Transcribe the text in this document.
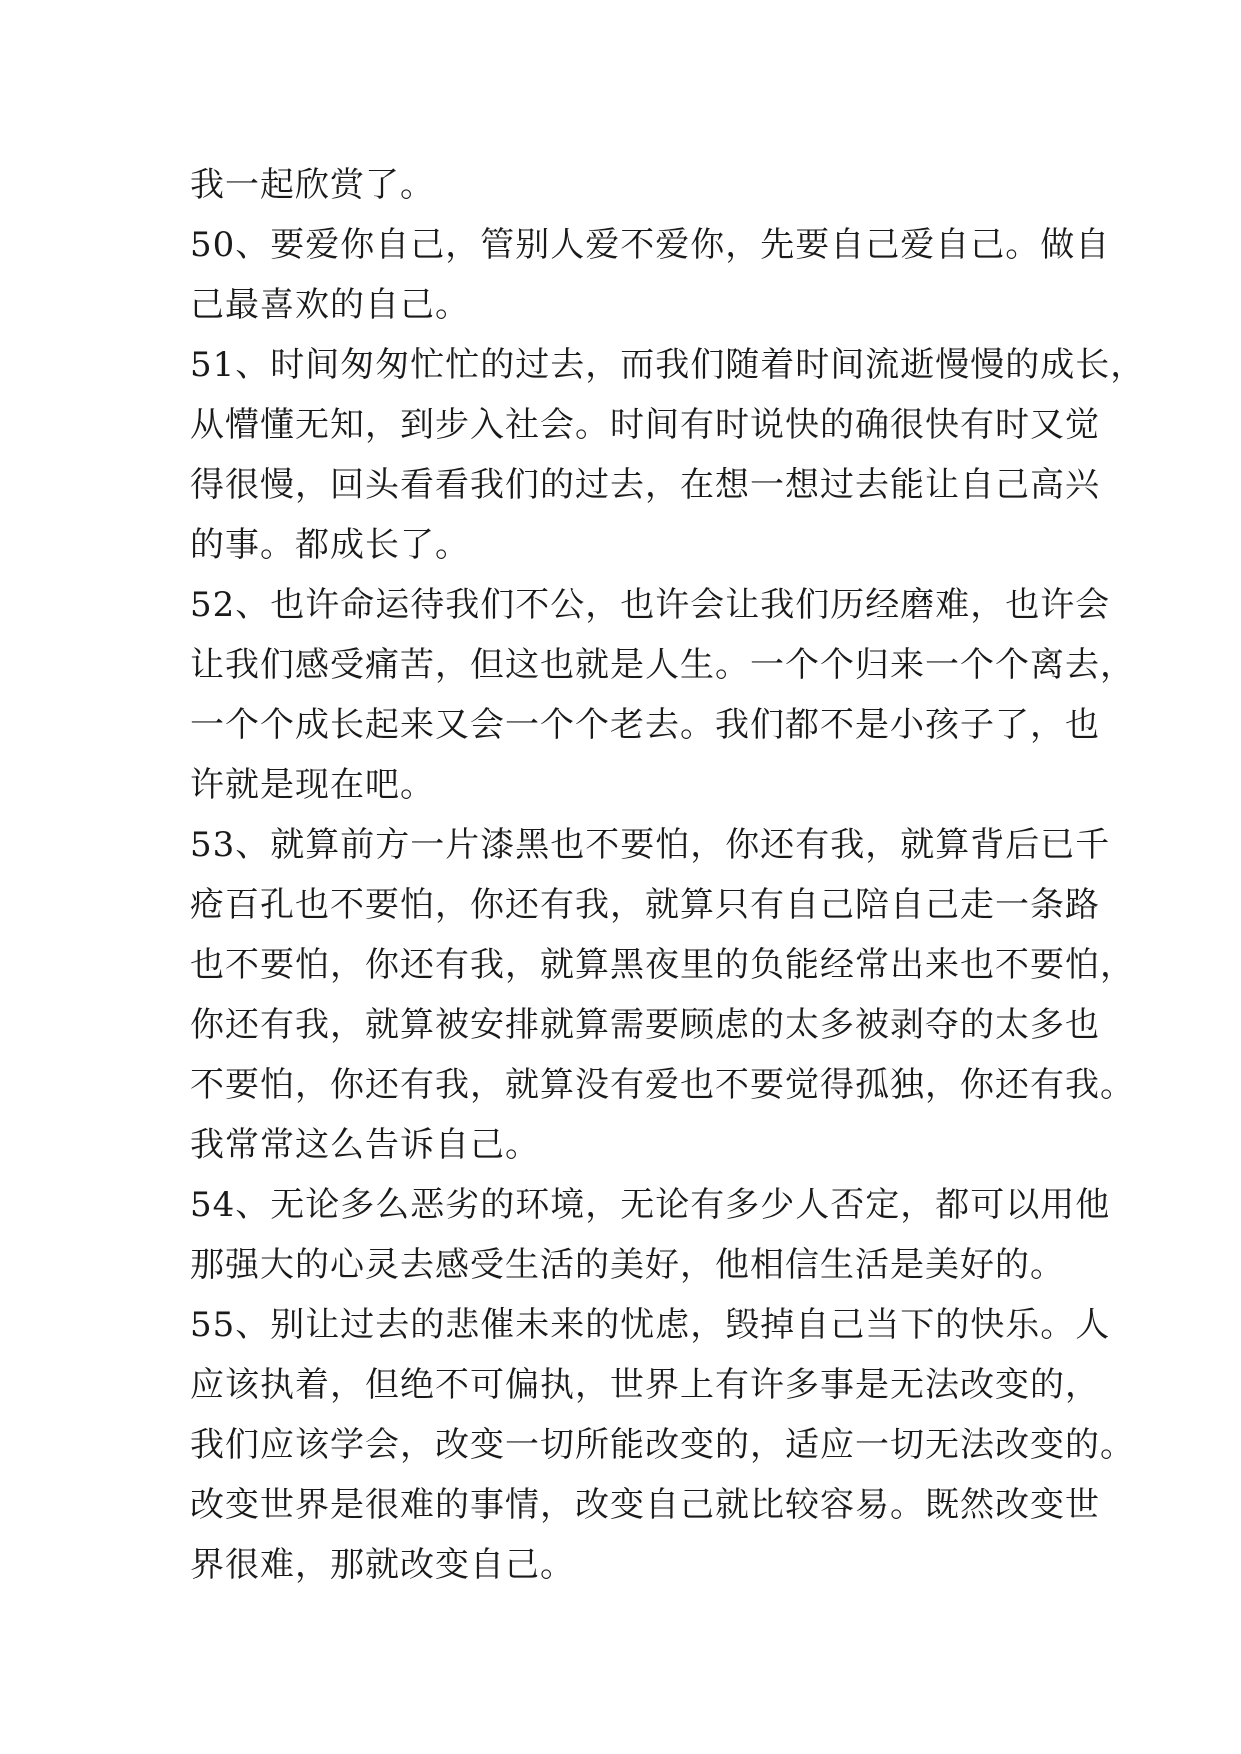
我一起欣赏了。
50、要爱你自己，管别人爱不爱你，先要自己爱自己。做自
己最喜欢的自己。
51、时间匆匆忙忙的过去，而我们随着时间流逝慢慢的成长，
从懵懂无知，到步入社会。时间有时说快的确很快有时又觉
得很慢，回头看看我们的过去，在想一想过去能让自己高兴
的事。都成长了。
52、也许命运待我们不公，也许会让我们历经磨难，也许会
让我们感受痛苦，但这也就是人生。一个个归来一个个离去，
一个个成长起来又会一个个老去。我们都不是小孩子了，也
许就是现在吧。
53、就算前方一片漆黑也不要怕，你还有我，就算背后已千
疮百孔也不要怕，你还有我，就算只有自己陪自己走一条路
也不要怕，你还有我，就算黑夜里的负能经常出来也不要怕，
你还有我，就算被安排就算需要顾虑的太多被剥夺的太多也
不要怕，你还有我，就算没有爱也不要觉得孤独，你还有我。
我常常这么告诉自己。
54、无论多么恶劣的环境，无论有多少人否定，都可以用他
那强大的心灵去感受生活的美好，他相信生活是美好的。
55、别让过去的悲催未来的忧虑，毁掉自己当下的快乐。人
应该执着，但绝不可偏执，世界上有许多事是无法改变的，
我们应该学会，改变一切所能改变的，适应一切无法改变的。
改变世界是很难的事情，改变自己就比较容易。既然改变世
界很难，那就改变自己。
